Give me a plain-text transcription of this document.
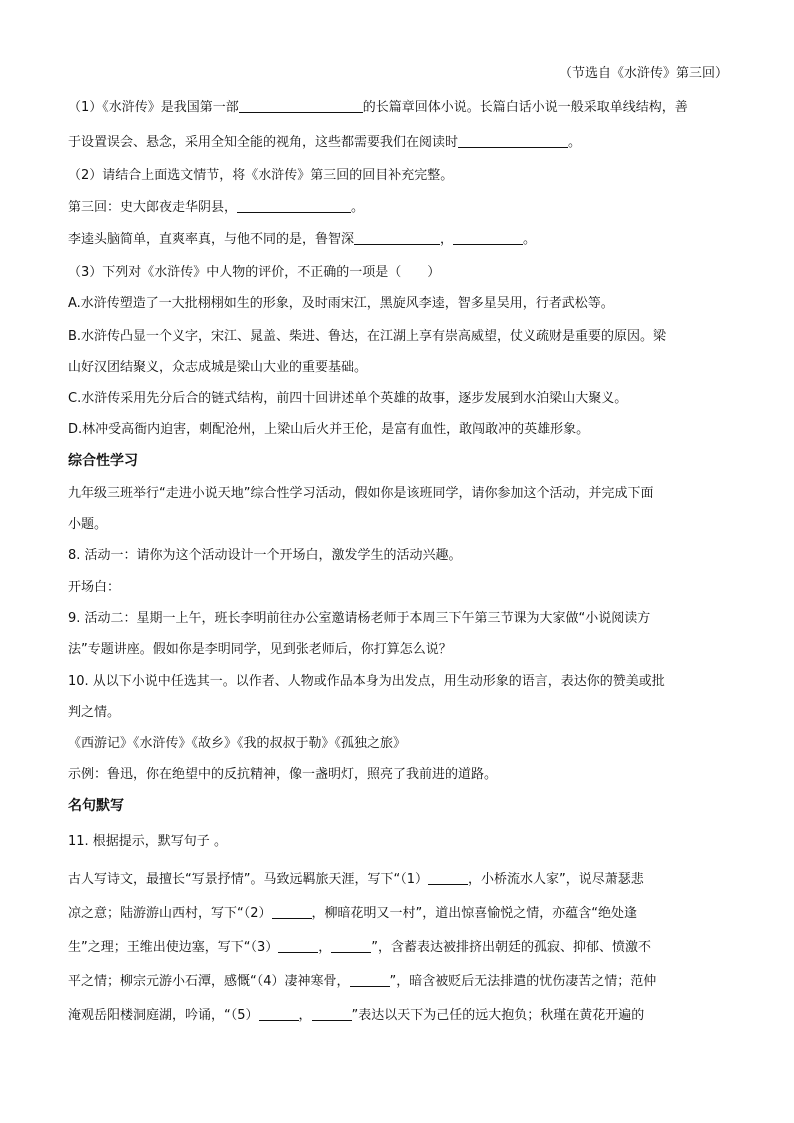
（节选自《水浒传》第三回）
（1）《水浒传》是我国第一部	的长篇章回体小说。长篇白话小说一般采取单线结构，善
于设置误会、悬念，采用全知全能的视角，这些都需要我们在阅读时	。
（2）请结合上面选文情节，将《水浒传》第三回的回目补充完整。
第三回：史大郎夜走华阴县，	。
李逵头脑简单，直爽率真，与他不同的是，鲁智深	，	。
（3）下列对《水浒传》中人物的评价，不正确的一项是（　　）
A.水浒传塑造了一大批栩栩如生的形象，及时雨宋江，黑旋风李逵，智多星吴用，行者武松等。
B.水浒传凸显一个义字，宋江、晁盖、柴进、鲁达，在江湖上享有崇高威望，仗义疏财是重要的原因。梁
山好汉团结聚义，众志成城是梁山大业的重要基础。
C.水浒传采用先分后合的链式结构，前四十回讲述单个英雄的故事，逐步发展到水泊梁山大聚义。
D.林冲受高衙内迫害，刺配沧州，上梁山后火并王伦，是富有血性，敢闯敢冲的英雄形象。
综合性学习
九年级三班举行“走进小说天地”综合性学习活动，假如你是该班同学，请你参加这个活动，并完成下面
小题。
8. 活动一：请你为这个活动设计一个开场白，激发学生的活动兴趣。
开场白：
9. 活动二：星期一上午，班长李明前往办公室邀请杨老师于本周三下午第三节课为大家做“小说阅读方
法”专题讲座。假如你是李明同学，见到张老师后，你打算怎么说？
10. 从以下小说中任选其一。以作者、人物或作品本身为出发点，用生动形象的语言，表达你的赞美或批
判之情。
《西游记》《水浒传》《故乡》《我的叔叔于勒》《孤独之旅》
示例：鲁迅，你在绝望中的反抗精神，像一盏明灯，照亮了我前进的道路。
名句默写
11. 根据提示，默写句子 。
古人写诗文，最擅长“写景抒情”。马致远羁旅天涯，写下“（1）	，小桥流水人家”，说尽萧瑟悲
凉之意；陆游游山西村，写下“（2）	，柳暗花明又一村”，道出惊喜愉悦之情，亦蕴含“绝处逢
生”之理；王维出使边塞，写下“（3）	，	”，含蓄表达被排挤出朝廷的孤寂、抑郁、愤激不
平之情；柳宗元游小石潭，感慨“（4）凄神寒骨，	”，暗含被贬后无法排遣的忧伤凄苦之情；范仲
淹观岳阳楼洞庭湖，吟诵，“（5）	，	”表达以天下为己任的远大抱负；秋瑾在黄花开遍的
